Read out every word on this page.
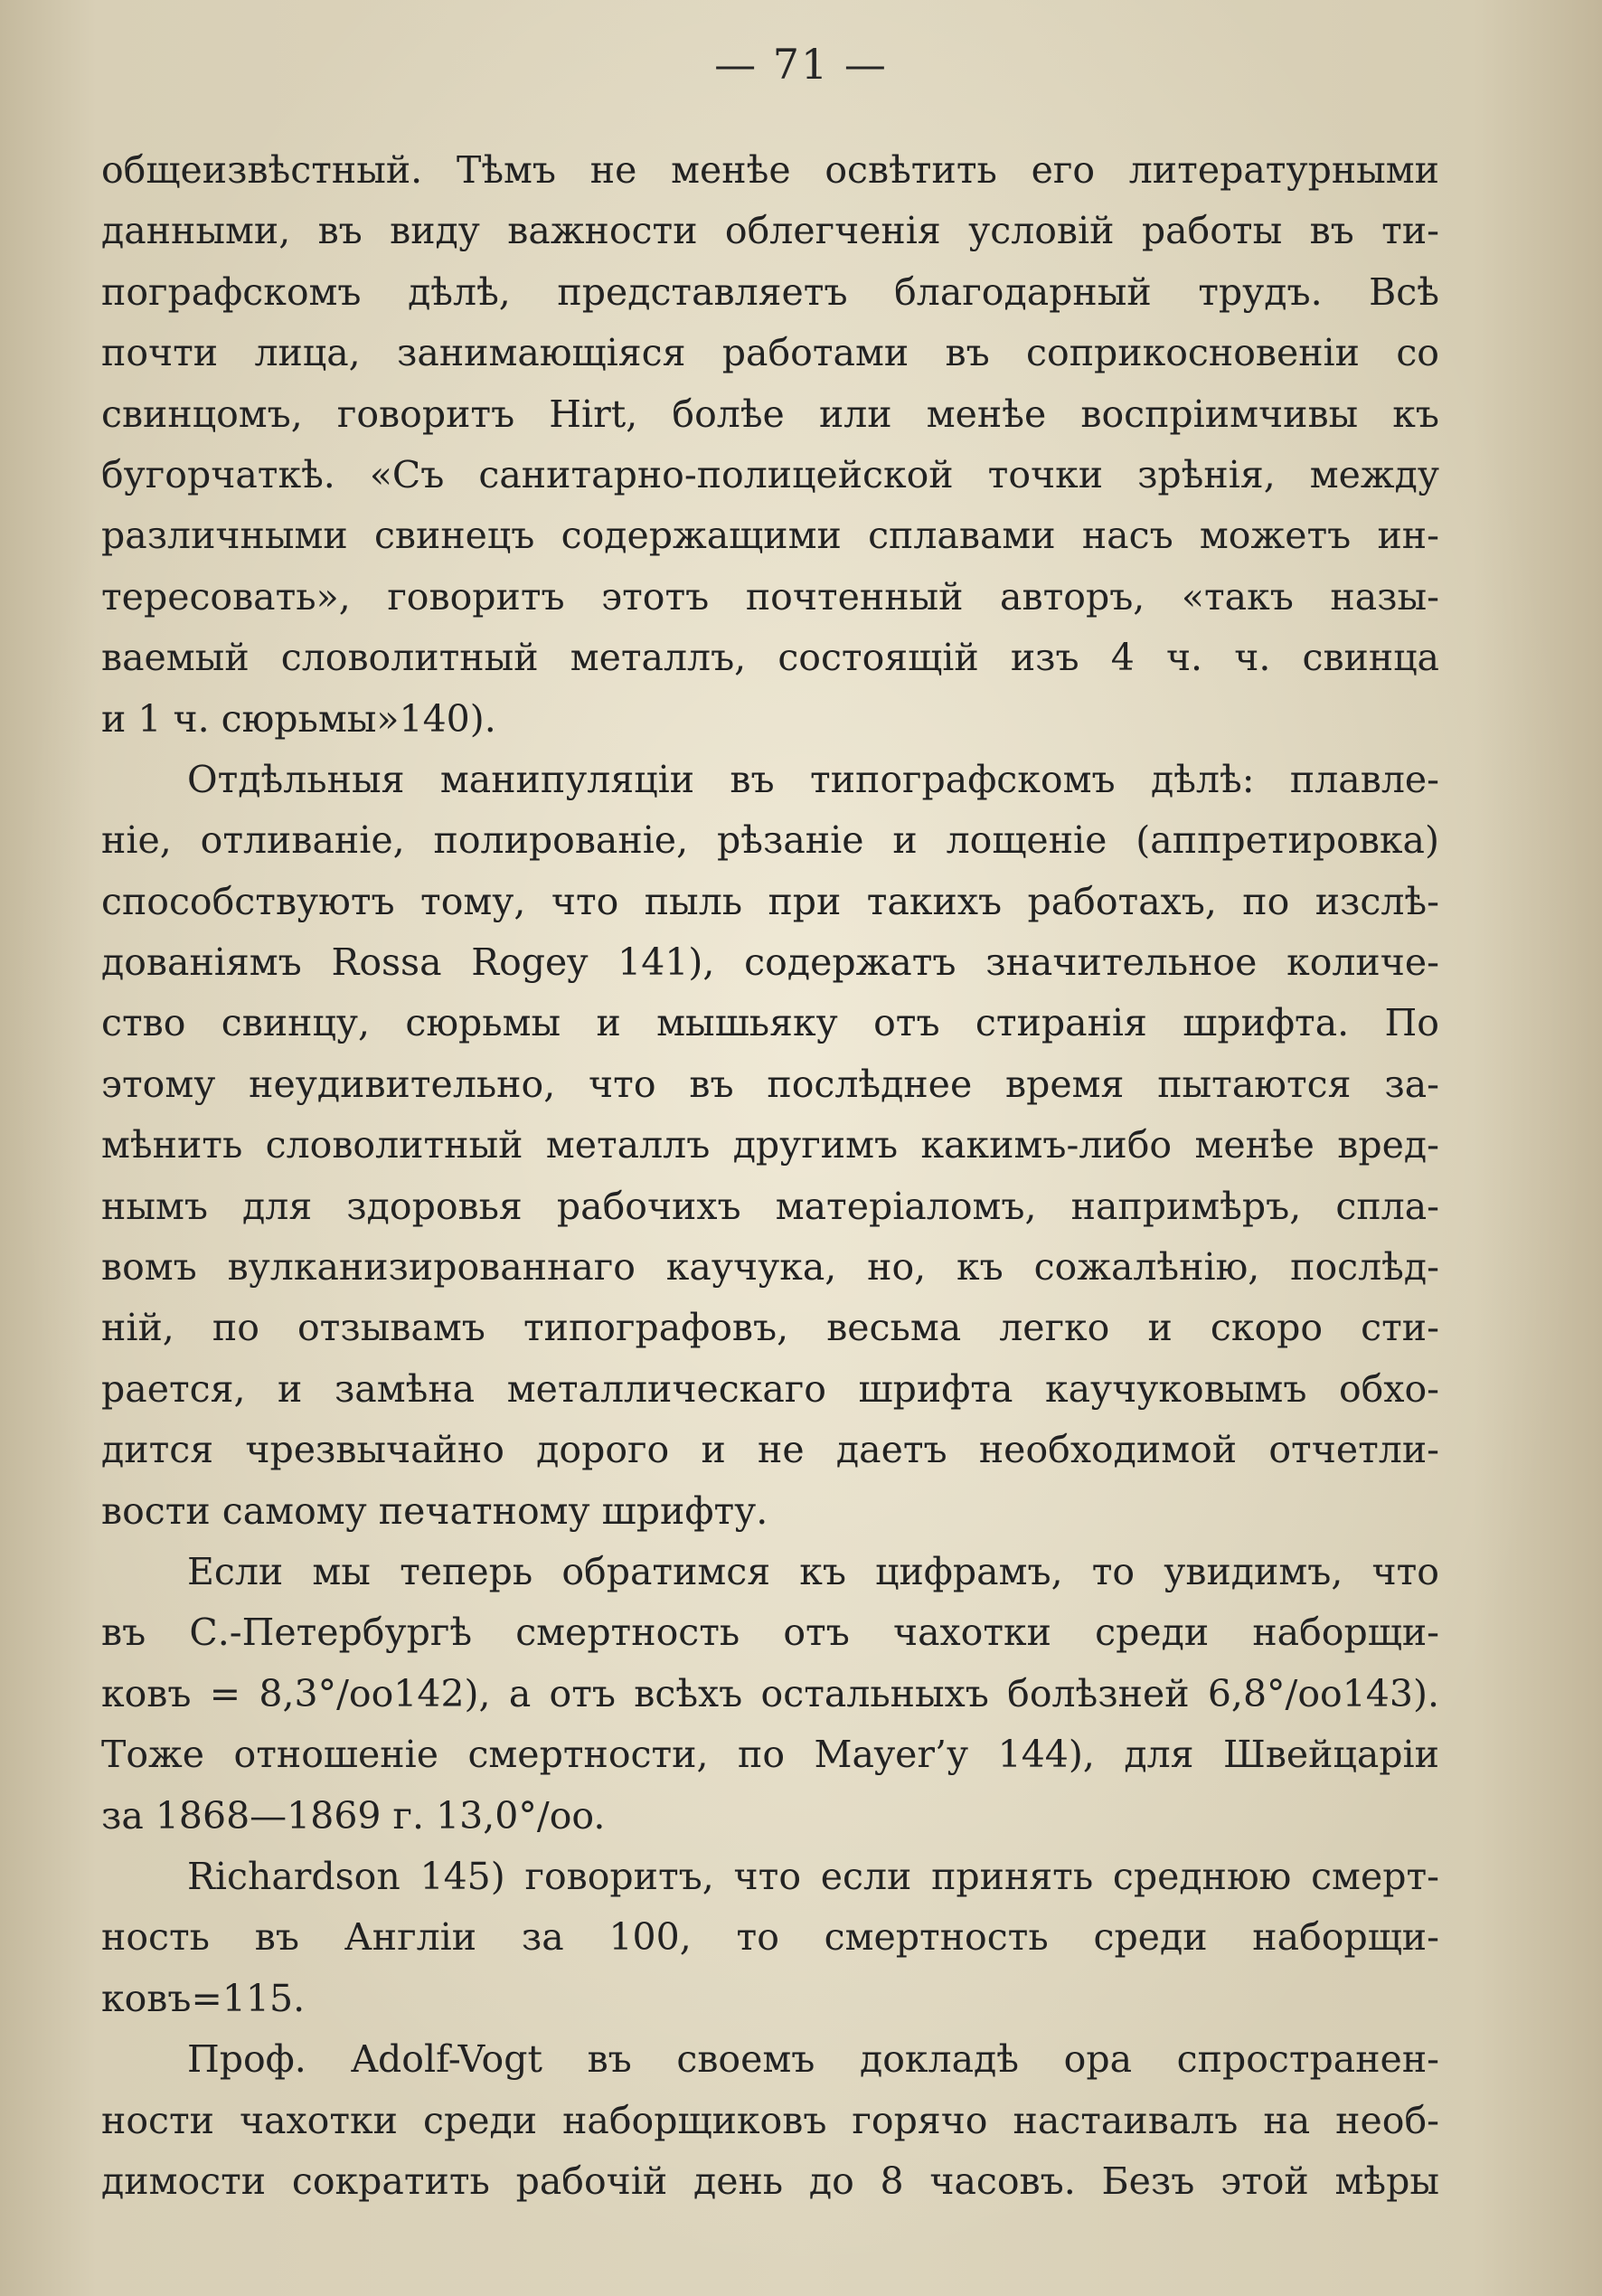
— 71 —
общеизвѣстный. Тѣмъ не менѣе освѣтить его литературными
данными, въ виду важности облегченія условій работы въ ти-
пографскомъ дѣлѣ, представляетъ благодарный трудъ. Всѣ
почти лица, занимающіяся работами въ соприкосновеніи со
свинцомъ, говоритъ Hirt, болѣе или менѣе воспріимчивы къ
бугорчаткѣ. «Съ санитарно-полицейской точки зрѣнія, между
различными свинецъ содержащими сплавами насъ можетъ ин-
тересовать», говоритъ этотъ почтенный авторъ, «такъ назы-
ваемый словолитный металлъ, состоящій изъ 4 ч. ч. свинца
и 1 ч. сюрьмы»140).
Отдѣльныя манипуляціи въ типографскомъ дѣлѣ: плавле-
ніе, отливаніе, полированіе, рѣзаніе и лощеніе (аппретировка)
способствуютъ тому, что пыль при такихъ работахъ, по изслѣ-
дованіямъ Rossa Rogey 141), содержатъ значительное количе-
ство свинцу, сюрьмы и мышьяку отъ стиранія шрифта. По
этому неудивительно, что въ послѣднее время пытаются за-
мѣнить словолитный металлъ другимъ какимъ-либо менѣе вред-
нымъ для здоровья рабочихъ матеріаломъ, напримѣръ, спла-
вомъ вулканизированнаго каучука, но, къ сожалѣнію, послѣд-
ній, по отзывамъ типографовъ, весьма легко и скоро сти-
рается, и замѣна металлическаго шрифта каучуковымъ обхо-
дится чрезвычайно дорого и не даетъ необходимой отчетли-
вости самому печатному шрифту.
Если мы теперь обратимся къ цифрамъ, то увидимъ, что
въ С.-Петербургѣ смертность отъ чахотки среди наборщи-
ковъ = 8,3°/oo142), а отъ всѣхъ остальныхъ болѣзней 6,8°/oo143).
Тоже отношеніе смертности, по Mayer’у 144), для Швейцаріи
за 1868—1869 г. 13,0°/oo.
Richardson 145) говоритъ, что если принять среднюю смерт-
ность въ Англіи за 100, то смертность среди наборщи-
ковъ=115.
Проф. Adolf-Vogt въ своемъ докладѣ ора спространен-
ности чахотки среди наборщиковъ горячо настаивалъ на необ-
димости сократить рабочій день до 8 часовъ. Безъ этой мѣры
